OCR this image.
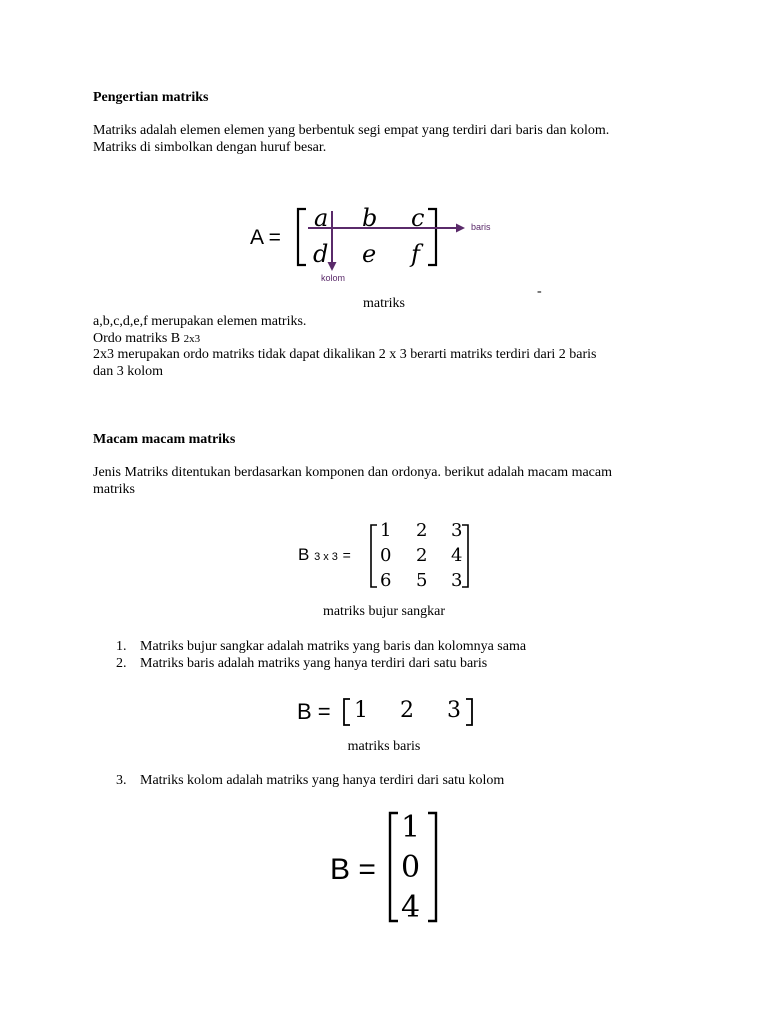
Pengertian matriks
Matriks adalah elemen elemen yang berbentuk segi empat yang terdiri dari baris dan kolom.
Matriks di simbolkan dengan huruf besar.
A =
a b c
d e f
baris
kolom
-
matriks
a,b,c,d,e,f merupakan elemen matriks.
Ordo matriks B 2x3
2x3 merupakan ordo matriks tidak dapat dikalikan 2 x 3 berarti matriks terdiri dari 2 baris
dan 3 kolom
Macam macam matriks
Jenis Matriks ditentukan berdasarkan komponen dan ordonya. berikut adalah macam macam
matriks
B 3 x 3 =
1 2 3
0 2 4
6 5 3
matriks bujur sangkar
1. Matriks bujur sangkar adalah matriks yang baris dan kolomnya sama
2. Matriks baris adalah matriks yang hanya terdiri dari satu baris
B = 1 2 3
matriks baris
3. Matriks kolom adalah matriks yang hanya terdiri dari satu kolom
B =
1
0
4
